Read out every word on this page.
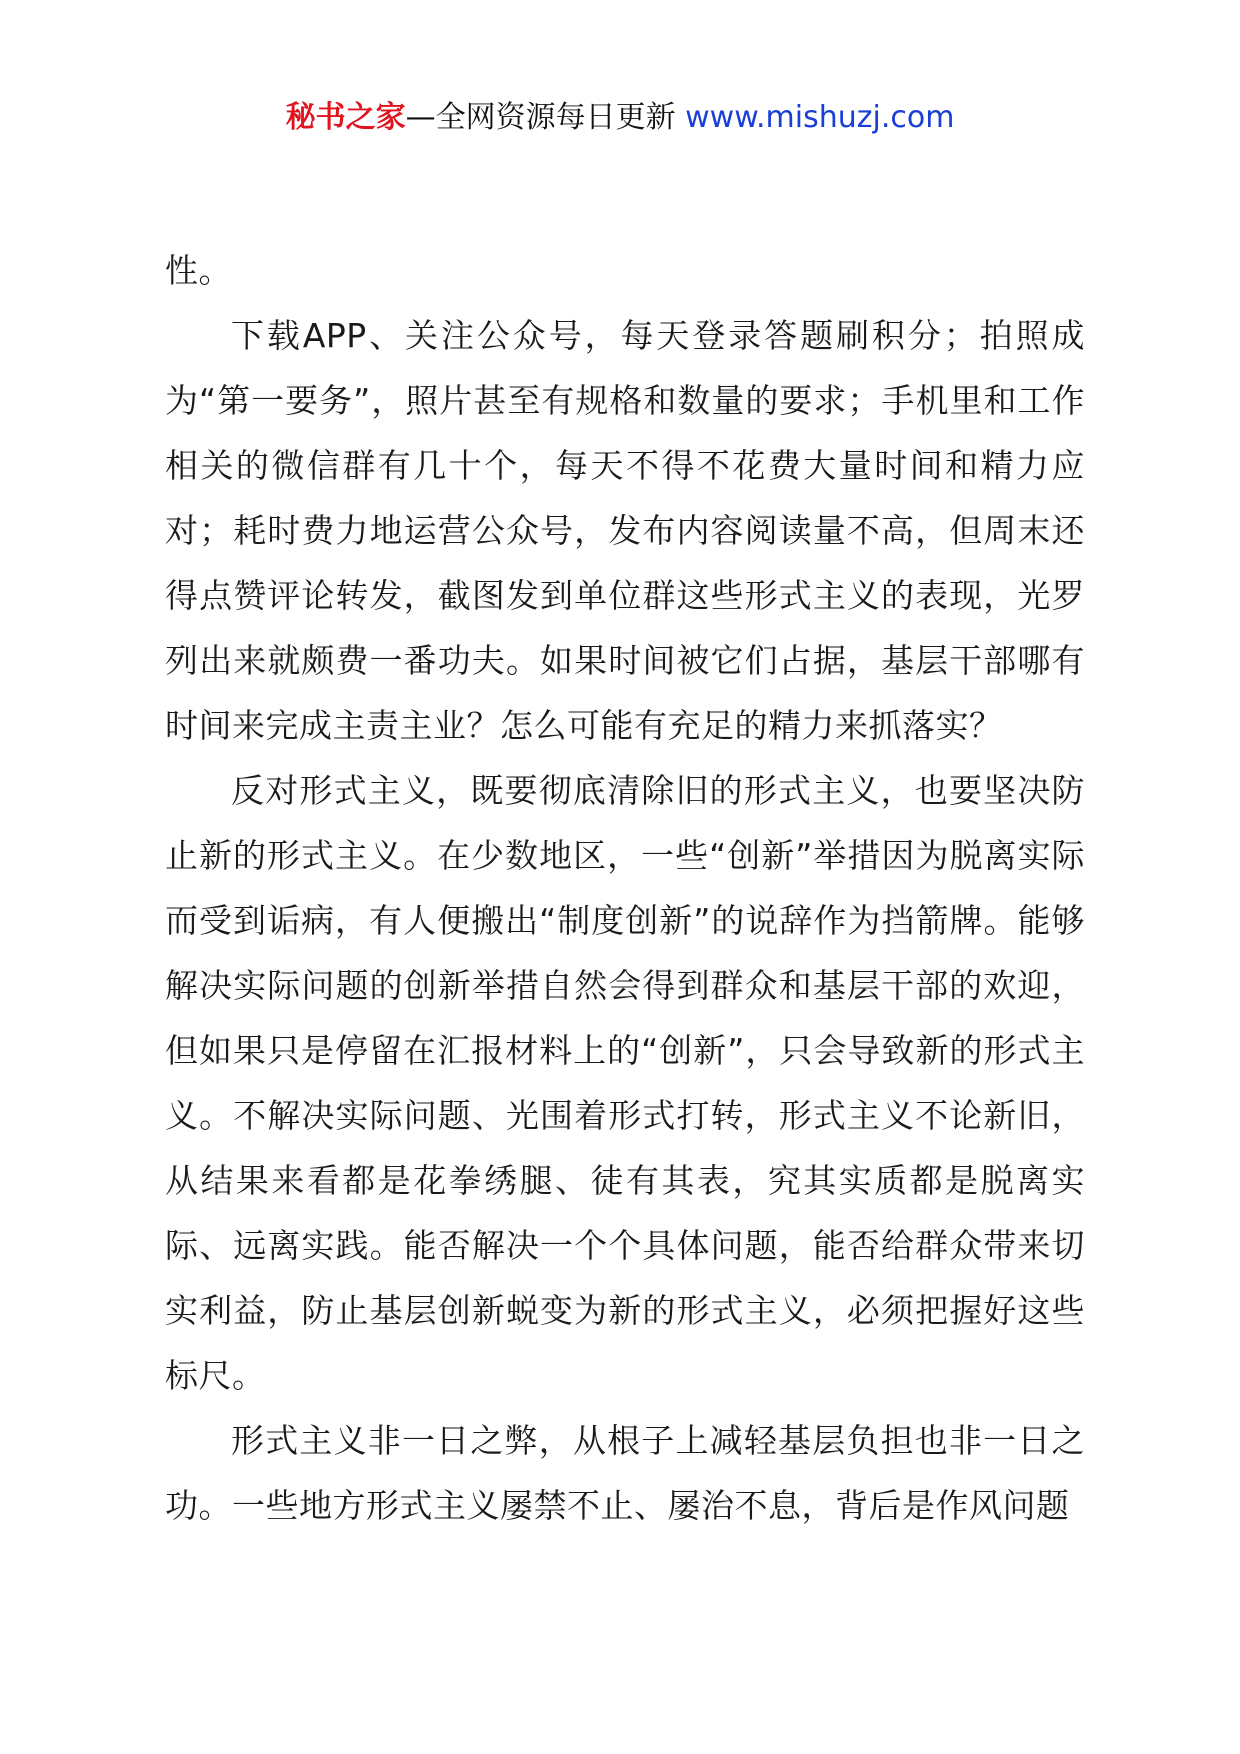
秘书之家—全网资源每日更新 www.mishuzj.com

性。

下载APP、关注公众号，每天登录答题刷积分；拍照成为“第一要务”，照片甚至有规格和数量的要求；手机里和工作相关的微信群有几十个，每天不得不花费大量时间和精力应对；耗时费力地运营公众号，发布内容阅读量不高，但周末还得点赞评论转发，截图发到单位群这些形式主义的表现，光罗列出来就颇费一番功夫。如果时间被它们占据，基层干部哪有时间来完成主责主业？怎么可能有充足的精力来抓落实？

反对形式主义，既要彻底清除旧的形式主义，也要坚决防止新的形式主义。在少数地区，一些“创新”举措因为脱离实际而受到诟病，有人便搬出“制度创新”的说辞作为挡箭牌。能够解决实际问题的创新举措自然会得到群众和基层干部的欢迎，但如果只是停留在汇报材料上的“创新”，只会导致新的形式主义。不解决实际问题、光围着形式打转，形式主义不论新旧，从结果来看都是花拳绣腿、徒有其表，究其实质都是脱离实际、远离实践。能否解决一个个具体问题，能否给群众带来切实利益，防止基层创新蜕变为新的形式主义，必须把握好这些标尺。

形式主义非一日之弊，从根子上减轻基层负担也非一日之功。一些地方形式主义屡禁不止、屡治不息，背后是作风问题
